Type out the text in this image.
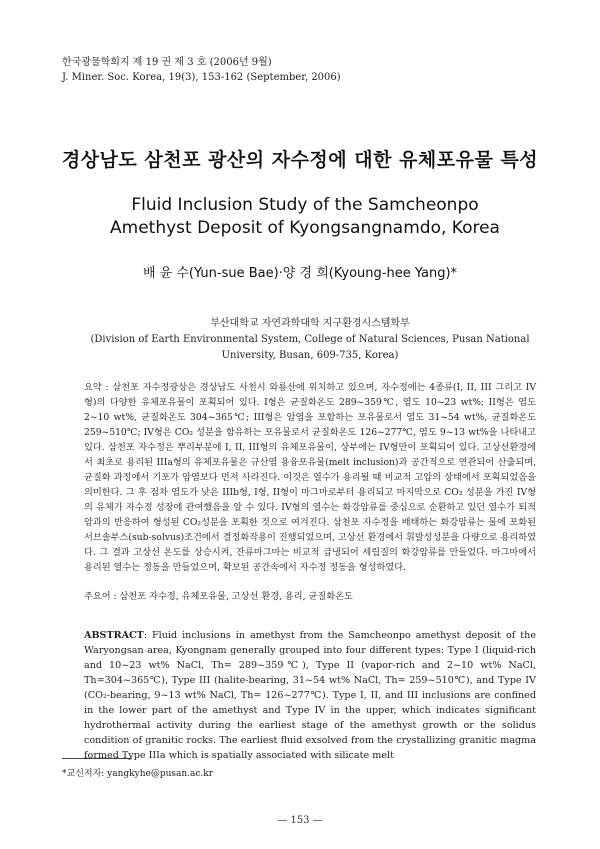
한국광물학회지 제 19 권 제 3 호 (2006년 9월)
J. Miner. Soc. Korea, 19(3), 153-162 (September, 2006)
경상남도 삼천포 광산의 자수정에 대한 유체포유물 특성
Fluid Inclusion Study of the Samcheonpo Amethyst Deposit of Kyongsangnamdo, Korea
배 윤 수(Yun-sue Bae)·양 경 희(Kyoung-hee Yang)*
부산대학교 자연과학대학 지구환경시스템학부
(Division of Earth Environmental System, College of Natural Sciences, Pusan National University, Busan, 609-735, Korea)
요약 : 삼천포 자수정광상은 경상남도 사천시 와룡산에 위치하고 있으며, 자수정에는 4종류(I, II, III 그리고 IV형)의 다양한 유체포유물이 포획되어 있다. I형은 균질화온도 289~359℃, 염도 10~23 wt%; II형은 염도 2~10 wt%, 균질화온도 304~365℃; III형은 암염을 포함하는 포유물로서 염도 31~54 wt%, 균질화온도 259~510℃; IV형은 CO₂ 성분을 함유하는 포유물로서 균질화온도 126~277℃, 염도 9~13 wt%을 나타내고 있다. 삼천포 자수정은 뿌리부분에 I, II, III형의 유체포유물이, 상부에는 IV형만이 포획되어 있다. 고상선환경에서 최초로 용리된 IIIa형의 유체포유물은 규산염 용융포유물(melt inclusion)과 공간적으로 연관되어 산출되며, 균질화 과정에서 기포가 암염보다 먼저 사라진다. 이것은 열수가 용리될 때 비교적 고압의 상태에서 포획되었음을 의미한다. 그 후 점차 염도가 낮은 IIIb형, I형, II형이 마그마로부터 용리되고 마지막으로 CO₂ 성분을 가진 IV형의 유체가 자수정 성장에 관여했음을 알 수 있다. IV형의 열수는 화강암류를 중심으로 순환하고 있던 열수가 퇴적암과의 반응하여 형성된 CO₂성분을 포획한 것으로 여겨진다. 삼천포 자수정을 배태하는 화강암류는 물에 포화된 서브솔부스(sub-solvus)조건에서 결정화작용이 진행되었으며, 고상선 환경에서 휘발성성분을 다량으로 용리하였다. 그 결과 고상선 온도를 상승시켜, 잔류마그마는 비교적 급냉되어 세립질의 화강암류를 만들었다. 마그마에서 용리된 열수는 정동을 만들었으며, 확보된 공간속에서 자수정 정동을 형성하였다.
주요어 : 삼천포 자수정, 유체포유물, 고상선 환경, 용리, 균질화온도
ABSTRACT: Fluid inclusions in amethyst from the Samcheonpo amethyst deposit of the Waryongsan area, Kyongnam generally grouped into four different types: Type I (liquid-rich and 10~23 wt% NaCl, Th= 289~359℃), Type II (vapor-rich and 2~10 wt% NaCl, Th=304~365℃), Type III (halite-bearing, 31~54 wt% NaCl, Th= 259~510℃), and Type IV (CO₂-bearing, 9~13 wt% NaCl, Th= 126~277℃). Type I, II, and III inclusions are confined in the lower part of the amethyst and Type IV in the upper, which indicates significant hydrothermal activity during the earliest stage of the amethyst growth or the solidus condition of granitic rocks. The earliest fluid exsolved from the crystallizing granitic magma formed Type IIIa which is spatially associated with silicate melt
*교신저자: yangkyhe@pusan.ac.kr
— 153 —
